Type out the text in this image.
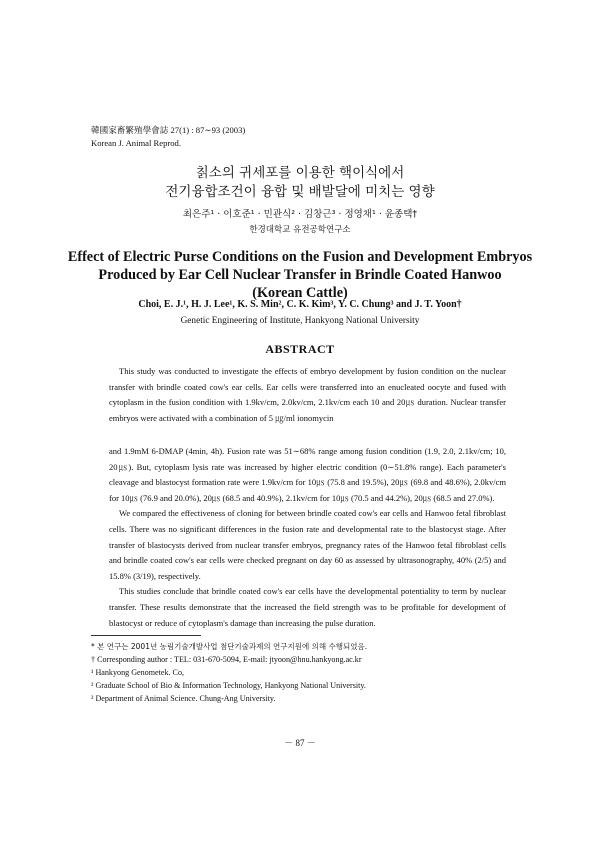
韓國家畜繁殖學會誌 27(1) : 87∼93 (2003)
Korean J. Animal Reprod.
칡소의 귀세포를 이용한 핵이식에서
전기융합조건이 융합 및 배발달에 미치는 영향
최은주¹ · 이호준¹ · 민관식² · 김창근³ · 정영채¹ · 윤종택†
한경대학교 유전공학연구소
Effect of Electric Purse Conditions on the Fusion and Development Embryos
Produced by Ear Cell Nuclear Transfer in Brindle Coated Hanwoo
(Korean Cattle)
Choi, E. J.¹, H. J. Lee¹, K. S. Min², C. K. Kim³, Y. C. Chung³ and J. T. Yoon†
Genetic Engineering of Institute, Hankyong National University
ABSTRACT

This study was conducted to investigate the effects of embryo development by fusion condition on the nuclear transfer with brindle coated cow's ear cells. Ear cells were transferred into an enucleated oocyte and fused with cytoplasm in the fusion condition with 1.9kv/cm, 2.0kv/cm, 2.1kv/cm each 10 and 20㎲ duration. Nuclear transfer embryos were activated with a combination of 5 ㎍/ml ionomycin

and 1.9mM 6-DMAP (4min, 4h). Fusion rate was 51∼68% range among fusion condition (1.9, 2.0, 2.1kv/cm; 10, 20㎲). But, cytoplasm lysis rate was increased by higher electric condition (0∼51.8% range). Each parameter's cleavage and blastocyst formation rate were 1.9kv/cm for 10㎲ (75.8 and 19.5%), 20㎲ (69.8 and 48.6%), 2.0kv/cm for 10㎲ (76.9 and 20.0%), 20㎲ (68.5 and 40.9%), 2.1kv/cm for 10㎲ (70.5 and 44.2%), 20㎲ (68.5 and 27.0%).

We compared the effectiveness of cloning for between brindle coated cow's ear cells and Hanwoo fetal fibroblast cells. There was no significant differences in the fusion rate and developmental rate to the blastocyst stage. After transfer of blastocysts derived from nuclear transfer embryos, pregnancy rates of the Hanwoo fetal fibroblast cells and brindle coated cow's ear cells were checked pregnant on day 60 as assessed by ultrasonography, 40% (2/5) and 15.8% (3/19), respectively.

This studies conclude that brindle coated cow's ear cells have the developmental potentiality to term by nuclear transfer. These results demonstrate that the increased the field strength was to be profitable for development of blastocyst or reduce of cytoplasm's damage than increasing the pulse duration.

* 본 연구는 2001년 농림기술개발사업 첨단기술과제의 연구지원에 의해 수행되었음.
† Corresponding author : TEL: 031-670-5094, E-mail: jtyoon@hnu.hankyong.ac.kr
¹ Hankyong Genometek. Co,
² Graduate School of Bio & Information Technology, Hankyong National University.
³ Department of Animal Science. Chung-Ang University.
－ 87 －
